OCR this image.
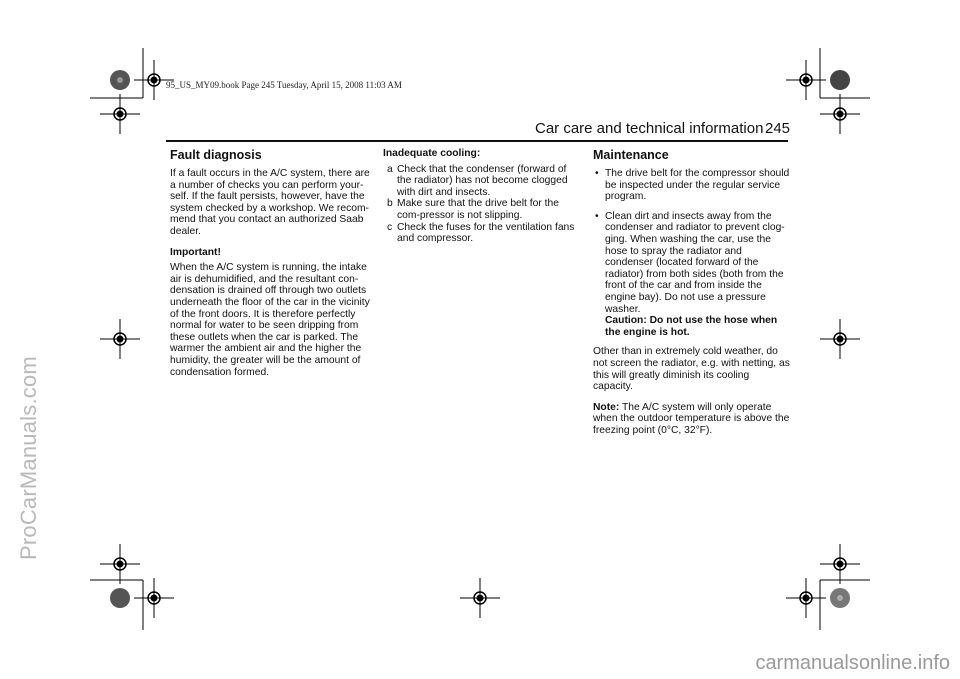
ProCarManuals.com
95_US_MY09.book Page 245 Tuesday, April 15, 2008 11:03 AM
Car care and technical information 245
Fault diagnosis
If a fault occurs in the A/C system, there are a number of checks you can perform your-self. If the fault persists, however, have the system checked by a workshop. We recom-mend that you contact an authorized Saab dealer.
Important!
When the A/C system is running, the intake air is dehumidified, and the resultant con-densation is drained off through two outlets underneath the floor of the car in the vicinity of the front doors. It is therefore perfectly normal for water to be seen dripping from these outlets when the car is parked. The warmer the ambient air and the higher the humidity, the greater will be the amount of condensation formed.
Inadequate cooling:
a Check that the condenser (forward of the radiator) has not become clogged with dirt and insects.
b Make sure that the drive belt for the com-pressor is not slipping.
c Check the fuses for the ventilation fans and compressor.
Maintenance
• The drive belt for the compressor should be inspected under the regular service program.
• Clean dirt and insects away from the condenser and radiator to prevent clog-ging. When washing the car, use the hose to spray the radiator and condenser (located forward of the radiator) from both sides (both from the front of the car and from inside the engine bay). Do not use a pressure washer.
Caution: Do not use the hose when the engine is hot.
Other than in extremely cold weather, do not screen the radiator, e.g. with netting, as this will greatly diminish its cooling capacity.
Note: The A/C system will only operate when the outdoor temperature is above the freezing point (0°C, 32°F).
carmanualsonline.info
